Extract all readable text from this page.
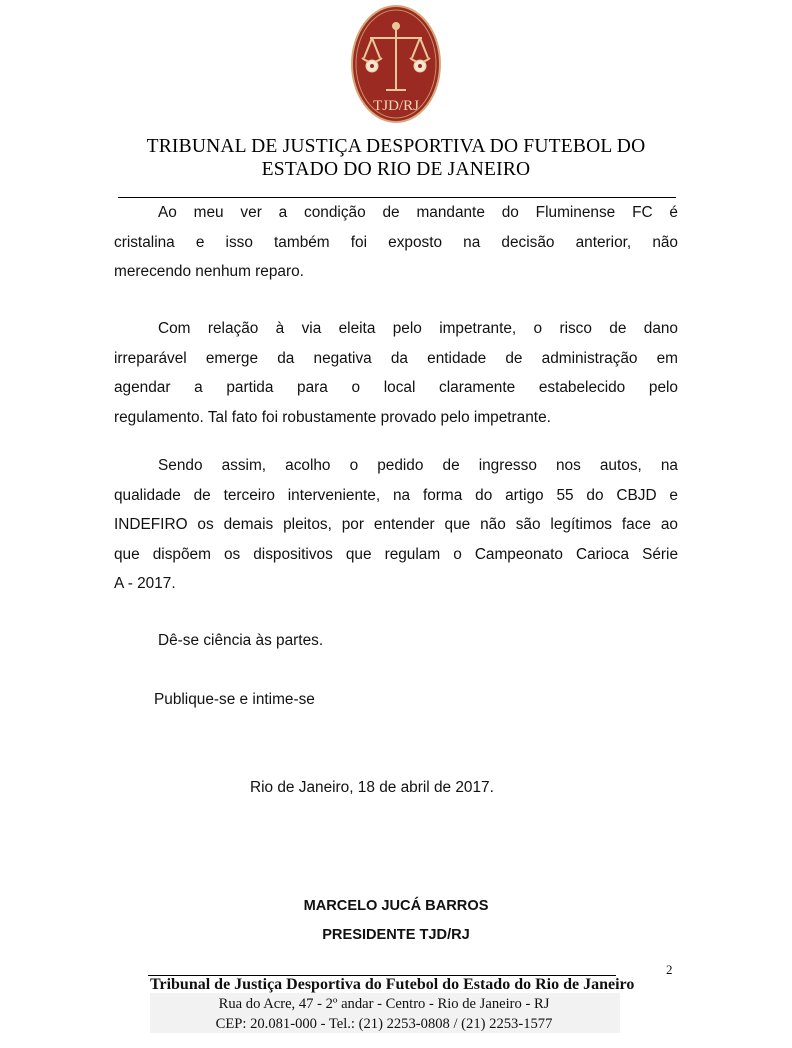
TJD/RJ
TRIBUNAL DE JUSTIÇA DESPORTIVA DO FUTEBOL DO
ESTADO DO RIO DE JANEIRO
Ao meu ver a condição de mandante do Fluminense FC é
cristalina e isso também foi exposto na decisão anterior, não
merecendo nenhum reparo.
Com relação à via eleita pelo impetrante, o risco de dano
irreparável emerge da negativa da entidade de administração em
agendar a partida para o local claramente estabelecido pelo
regulamento. Tal fato foi robustamente provado pelo impetrante.
Sendo assim, acolho o pedido de ingresso nos autos, na
qualidade de terceiro interveniente, na forma do artigo 55 do CBJD e
INDEFIRO os demais pleitos, por entender que não são legítimos face ao
que dispõem os dispositivos que regulam o Campeonato Carioca Série
A - 2017.
Dê-se ciência às partes.
Publique-se e intime-se
Rio de Janeiro, 18 de abril de 2017.
MARCELO JUCÁ BARROS
PRESIDENTE TJD/RJ
2
Tribunal de Justiça Desportiva do Futebol do Estado do Rio de Janeiro
Rua do Acre, 47 - 2º andar - Centro - Rio de Janeiro - RJ
CEP: 20.081-000 - Tel.: (21) 2253-0808 / (21) 2253-1577
